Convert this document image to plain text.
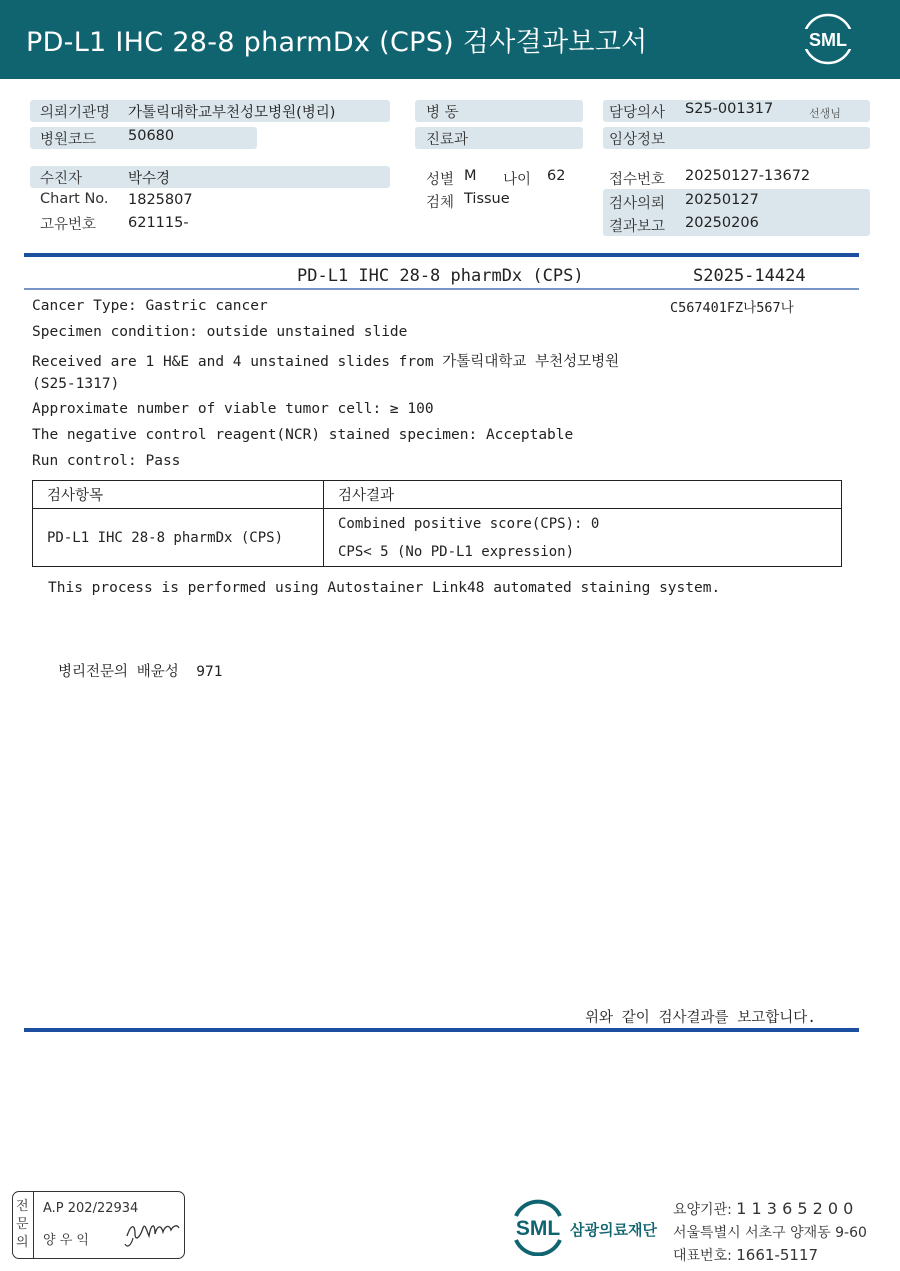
PD-L1 IHC 28-8 pharmDx (CPS) 검사결과보고서	SML
의뢰기관명 가톨릭대학교부천성모병원(병리)
병원코드 50680
병 동
진료과
담당의사 S25-001317	선생님
임상정보
수진자	박수경
Chart No. 1825807
고유번호 621115-
성별 M 나이 62
검체 Tissue
접수번호 20250127-13672
검사의뢰 20250127
결과보고 20250206
PD-L1 IHC 28-8 pharmDx (CPS)	S2025-14424
C567401FZ나567나
Cancer Type: Gastric cancer
Specimen condition: outside unstained slide
Received are 1 H&E and 4 unstained slides from 가톨릭대학교 부천성모병원
(S25-1317)
Approximate number of viable tumor cell: ≥ 100
The negative control reagent(NCR) stained specimen: Acceptable
Run control: Pass
검사항목	검사결과
PD-L1 IHC 28-8 pharmDx (CPS)	Combined positive score(CPS): 0
CPS< 5 (No PD-L1 expression)
This process is performed using Autostainer Link48 automated staining system.
병리전문의 배윤성  971
위와 같이 검사결과를 보고합니다.
전문의
A.P 202/22934
양 우 익
SML 삼광의료재단
요양기관: 1 1 3 6 5 2 0 0
서울특별시 서초구 양재동 9-60
대표번호: 1661-5117
